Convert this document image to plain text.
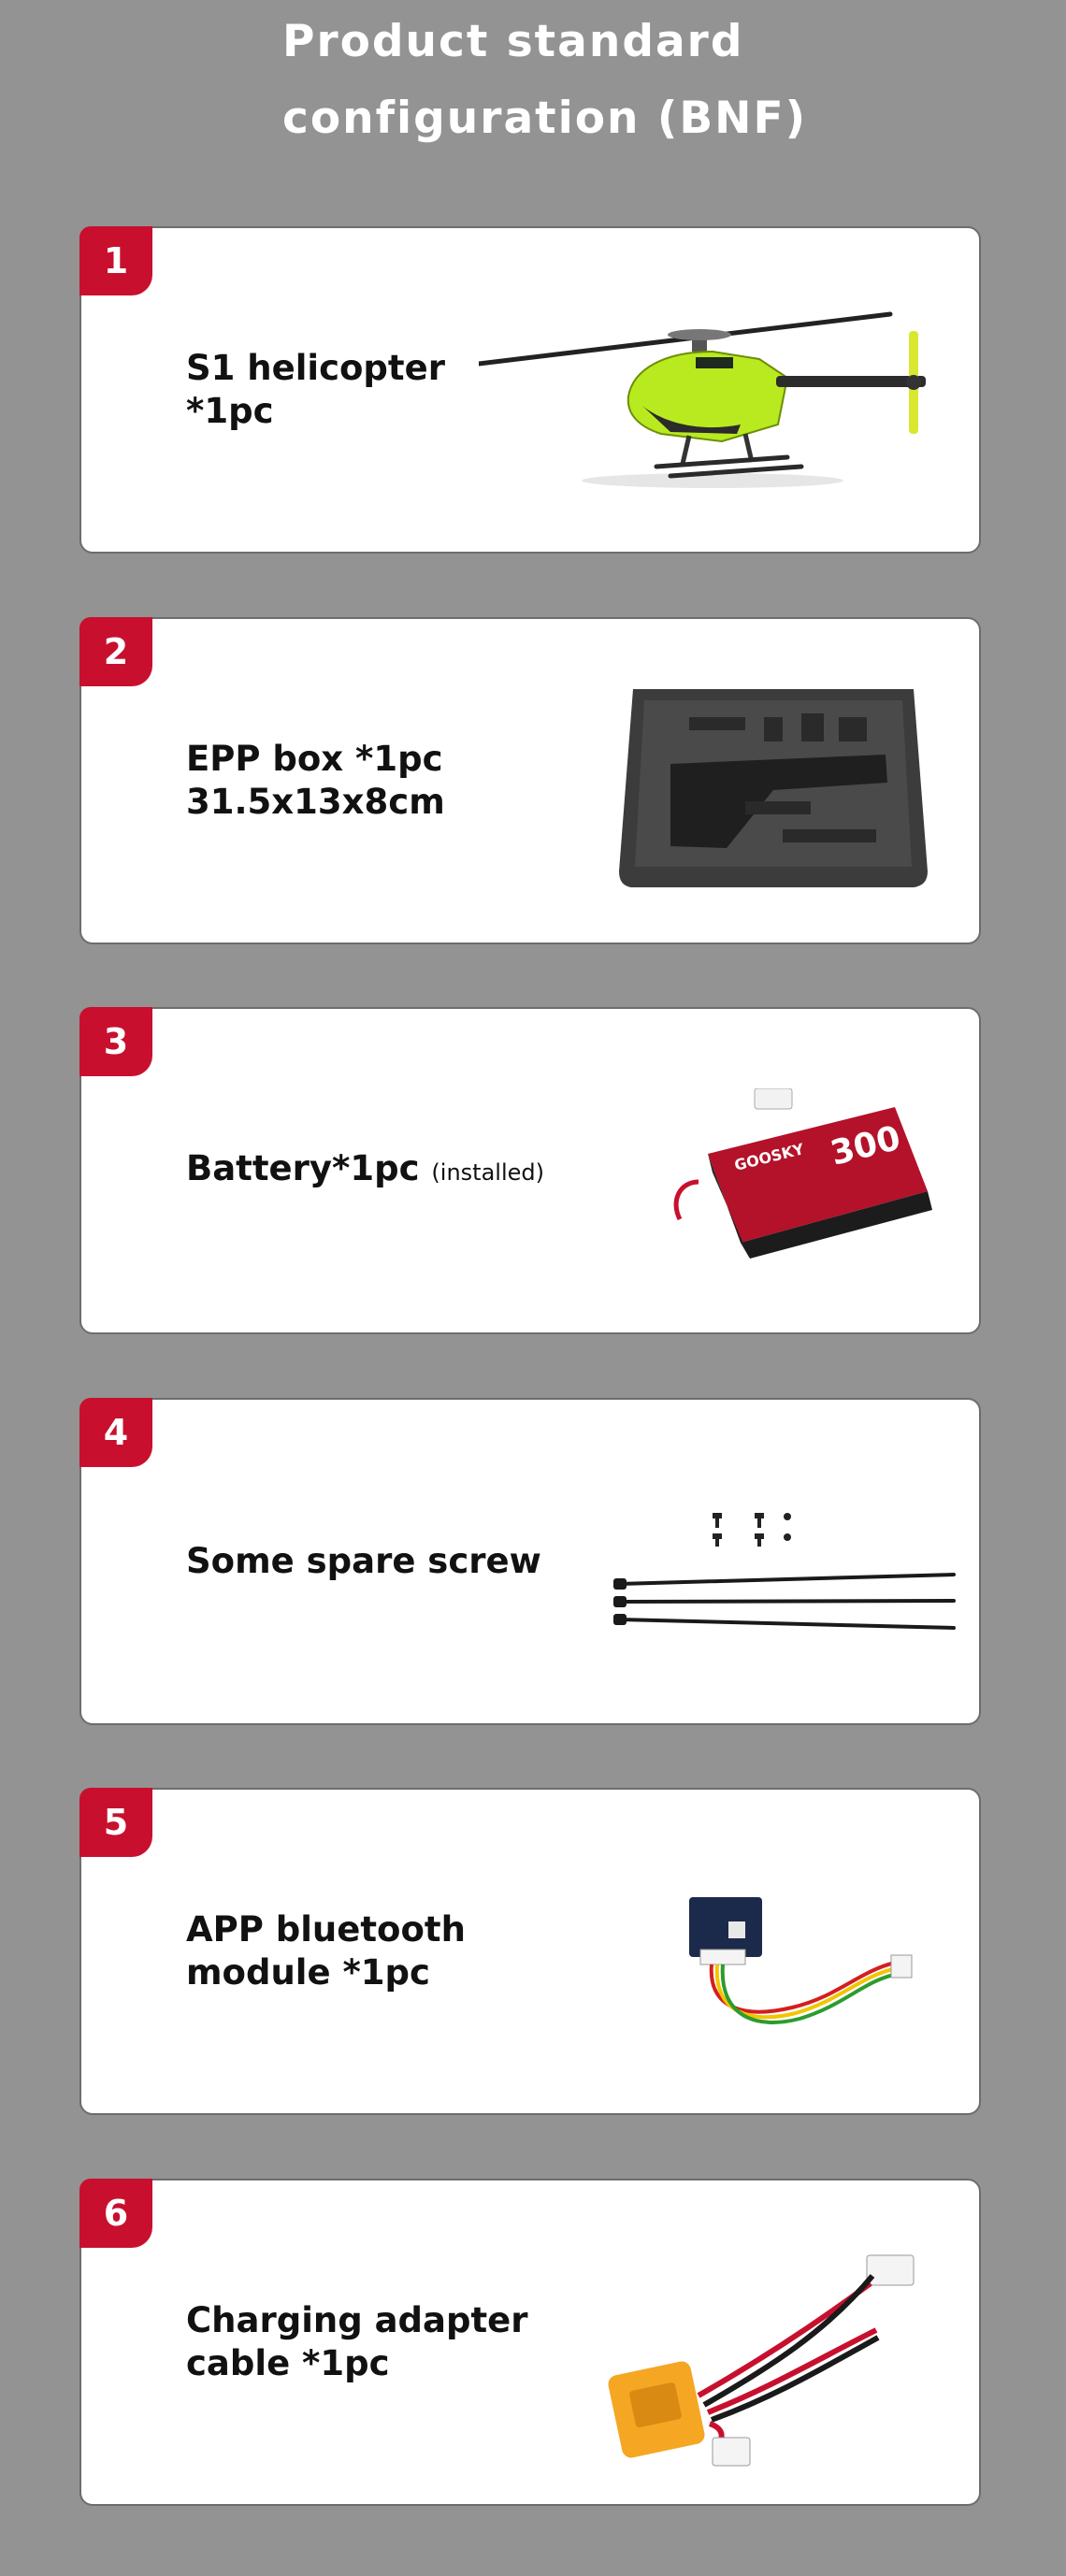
Product standard
configuration (BNF)
1

S1 helicopter
*1pc

2

EPP box *1pc
31.5x13x8cm

3

Battery*1pc (installed)	GOOSKY 300
4

Some spare screw

5

APP bluetooth
module *1pc

6

Charging adapter
cable *1pc
